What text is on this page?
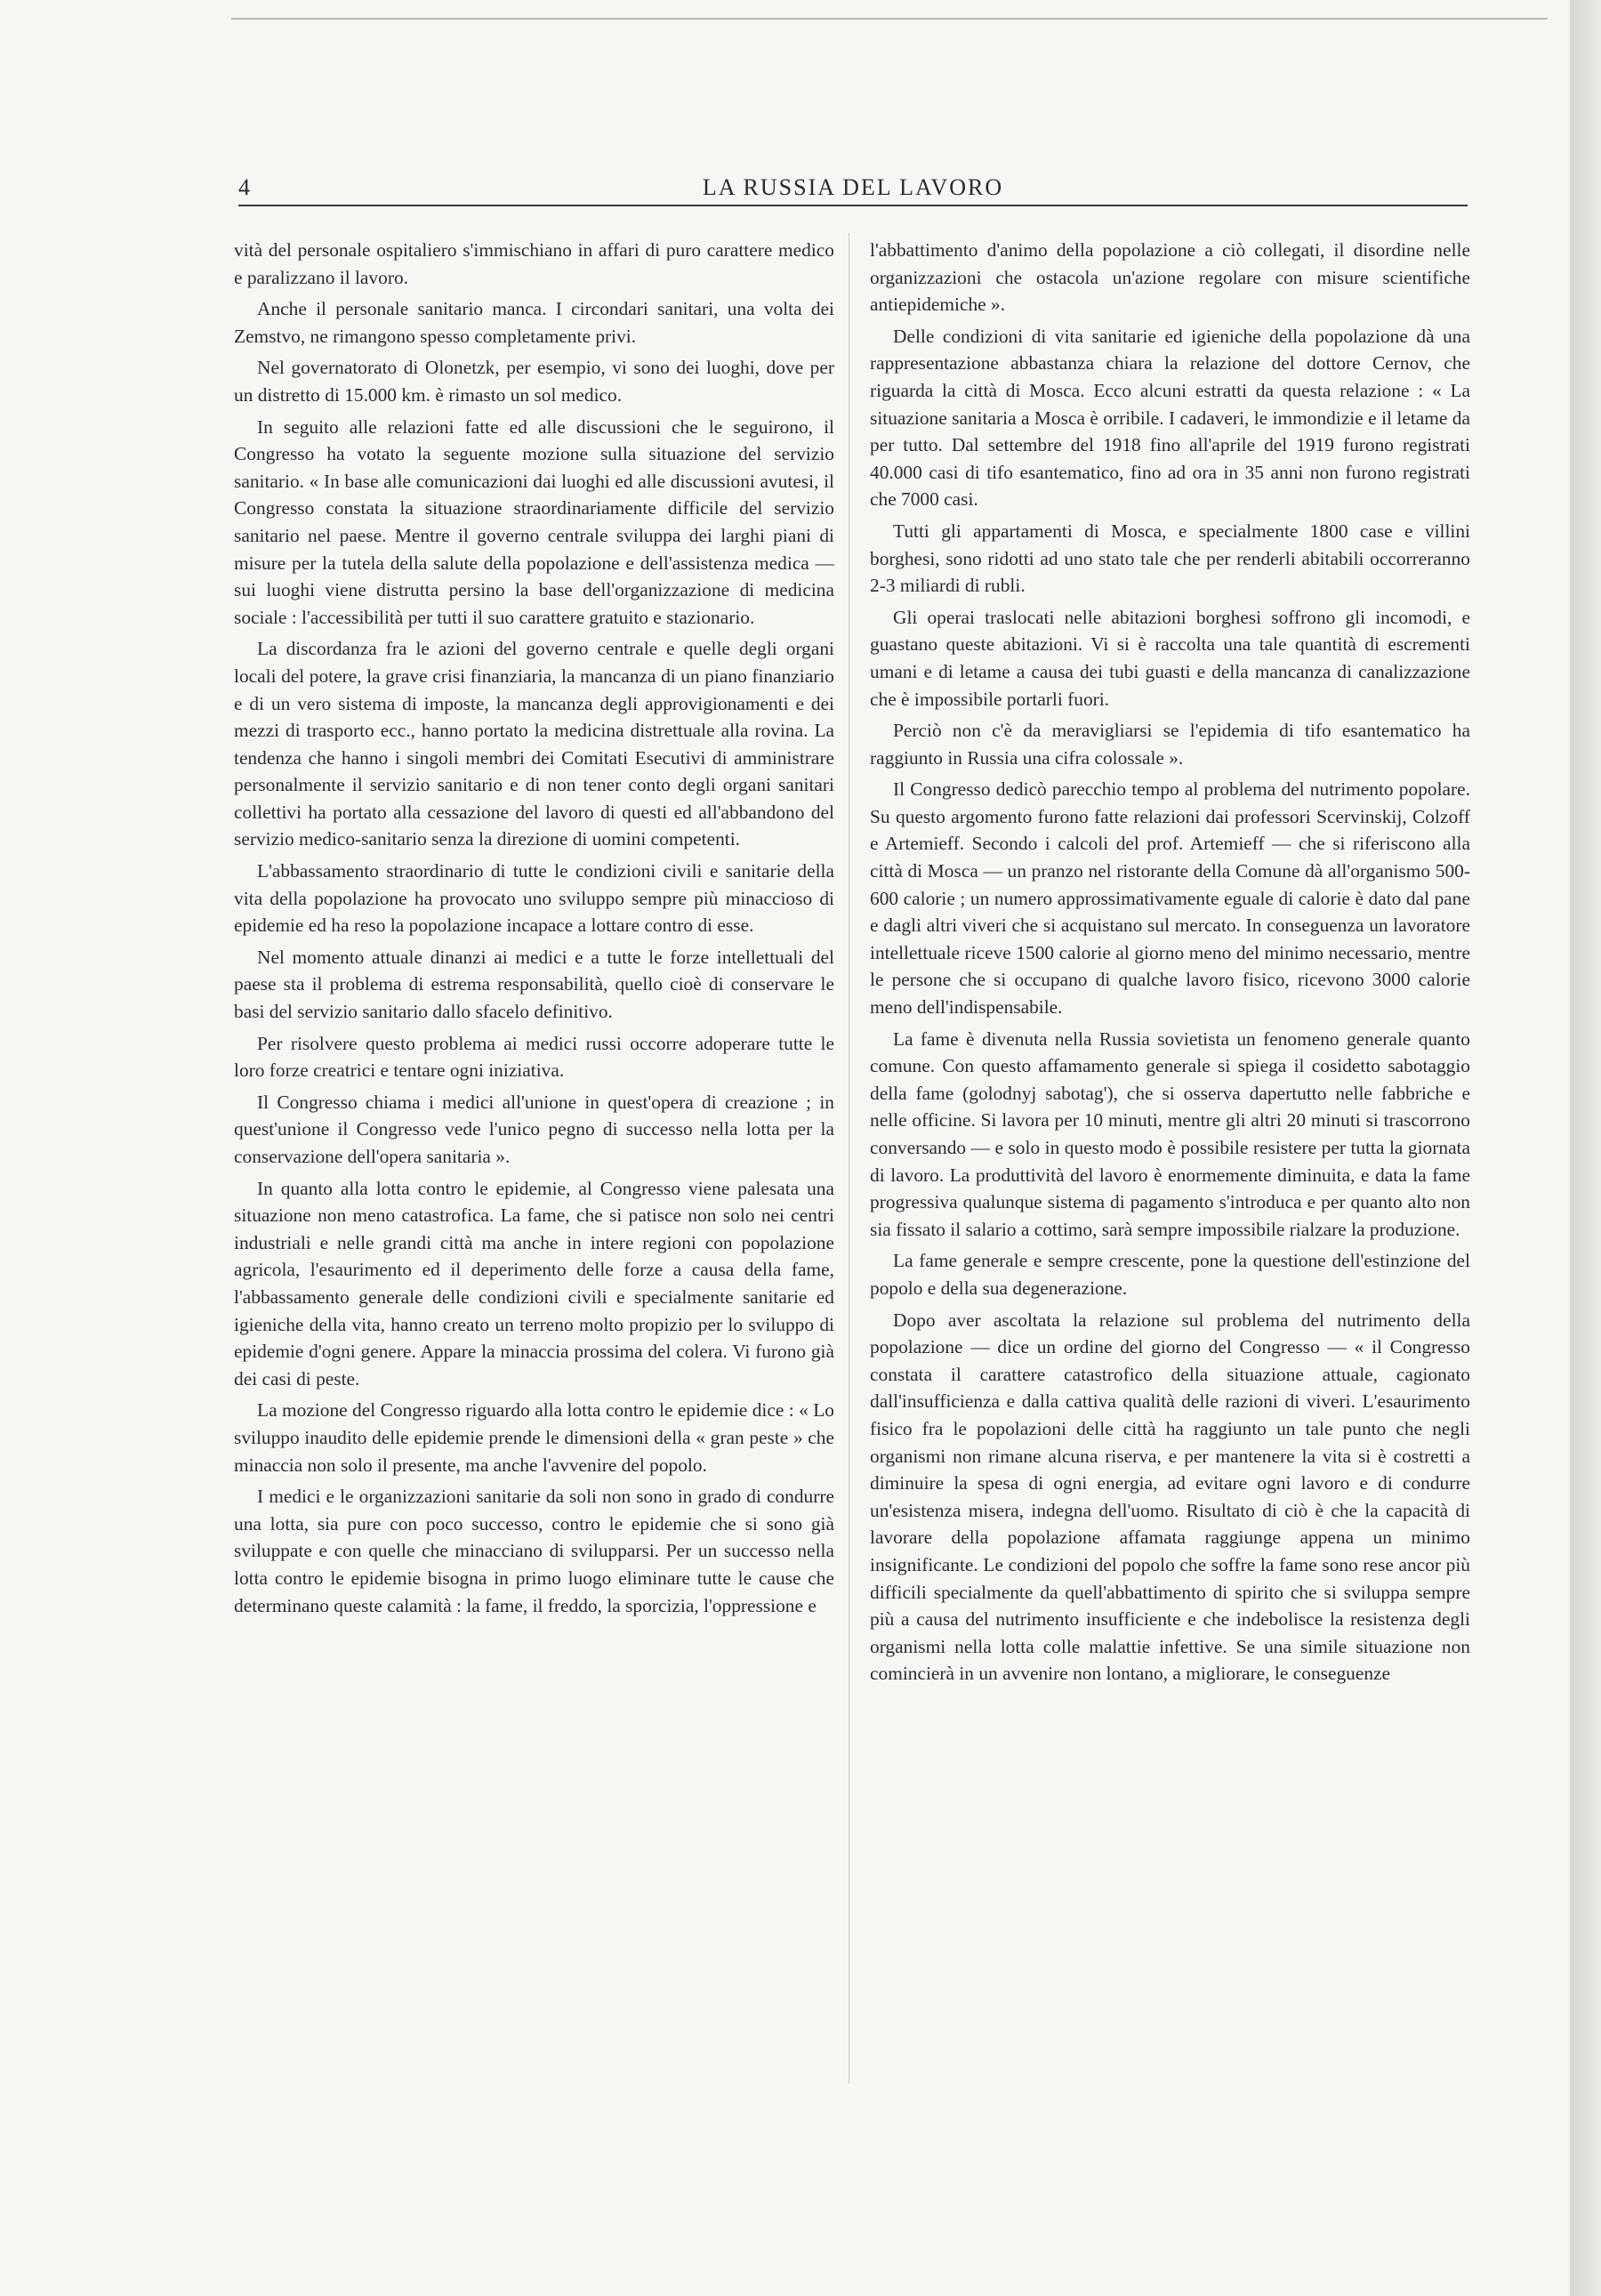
4	LA RUSSIA DEL LAVORO

vità del personale ospitaliero s'immischiano in affari di puro carattere medico e paralizzano il lavoro.

Anche il personale sanitario manca. I circondari sanitari, una volta dei Zemstvo, ne rimangono spesso completamente privi.

Nel governatorato di Olonetzk, per esempio, vi sono dei luoghi, dove per un distretto di 15.000 km. è rimasto un sol medico.

In seguito alle relazioni fatte ed alle discussioni che le seguirono, il Congresso ha votato la seguente mozione sulla situazione del servizio sanitario. « In base alle comunicazioni dai luoghi ed alle discussioni avutesi, il Congresso constata la situazione straordinariamente difficile del servizio sanitario nel paese. Mentre il governo centrale sviluppa dei larghi piani di misure per la tutela della salute della popolazione e dell'assistenza medica — sui luoghi viene distrutta persino la base dell'organizzazione di medicina sociale : l'accessibilità per tutti il suo carattere gratuito e stazionario.

La discordanza fra le azioni del governo centrale e quelle degli organi locali del potere, la grave crisi finanziaria, la mancanza di un piano finanziario e di un vero sistema di imposte, la mancanza degli approvigionamenti e dei mezzi di trasporto ecc., hanno portato la medicina distrettuale alla rovina. La tendenza che hanno i singoli membri dei Comitati Esecutivi di amministrare personalmente il servizio sanitario e di non tener conto degli organi sanitari collettivi ha portato alla cessazione del lavoro di questi ed all'abbandono del servizio medico-sanitario senza la direzione di uomini competenti.

L'abbassamento straordinario di tutte le condizioni civili e sanitarie della vita della popolazione ha provocato uno sviluppo sempre più minaccioso di epidemie ed ha reso la popolazione incapace a lottare contro di esse.

Nel momento attuale dinanzi ai medici e a tutte le forze intellettuali del paese sta il problema di estrema responsabilità, quello cioè di conservare le basi del servizio sanitario dallo sfacelo definitivo.

Per risolvere questo problema ai medici russi occorre adoperare tutte le loro forze creatrici e tentare ogni iniziativa.

Il Congresso chiama i medici all'unione in quest'opera di creazione ; in quest'unione il Congresso vede l'unico pegno di successo nella lotta per la conservazione dell'opera sanitaria ».

In quanto alla lotta contro le epidemie, al Congresso viene palesata una situazione non meno catastrofica. La fame, che si patisce non solo nei centri industriali e nelle grandi città ma anche in intere regioni con popolazione agricola, l'esaurimento ed il deperimento delle forze a causa della fame, l'abbassamento generale delle condizioni civili e specialmente sanitarie ed igieniche della vita, hanno creato un terreno molto propizio per lo sviluppo di epidemie d'ogni genere. Appare la minaccia prossima del colera. Vi furono già dei casi di peste.

La mozione del Congresso riguardo alla lotta contro le epidemie dice : « Lo sviluppo inaudito delle epidemie prende le dimensioni della « gran peste » che minaccia non solo il presente, ma anche l'avvenire del popolo.

I medici e le organizzazioni sanitarie da soli non sono in grado di condurre una lotta, sia pure con poco successo, contro le epidemie che si sono già sviluppate e con quelle che minacciano di svilupparsi. Per un successo nella lotta contro le epidemie bisogna in primo luogo eliminare tutte le cause che determinano queste calamità : la fame, il freddo, la sporcizia, l'oppressione e

l'abbattimento d'animo della popolazione a ciò collegati, il disordine nelle organizzazioni che ostacola un'azione regolare con misure scientifiche antiepidemiche ».

Delle condizioni di vita sanitarie ed igieniche della popolazione dà una rappresentazione abbastanza chiara la relazione del dottore Cernov, che riguarda la città di Mosca. Ecco alcuni estratti da questa relazione : « La situazione sanitaria a Mosca è orribile. I cadaveri, le immondizie e il letame da per tutto. Dal settembre del 1918 fino all'aprile del 1919 furono registrati 40.000 casi di tifo esantematico, fino ad ora in 35 anni non furono registrati che 7000 casi.

Tutti gli appartamenti di Mosca, e specialmente 1800 case e villini borghesi, sono ridotti ad uno stato tale che per renderli abitabili occorreranno 2-3 miliardi di rubli.

Gli operai traslocati nelle abitazioni borghesi soffrono gli incomodi, e guastano queste abitazioni. Vi si è raccolta una tale quantità di escrementi umani e di letame a causa dei tubi guasti e della mancanza di canalizzazione che è impossibile portarli fuori.

Perciò non c'è da meravigliarsi se l'epidemia di tifo esantematico ha raggiunto in Russia una cifra colossale ».

Il Congresso dedicò parecchio tempo al problema del nutrimento popolare. Su questo argomento furono fatte relazioni dai professori Scervinskij, Colzoff e Artemieff. Secondo i calcoli del prof. Artemieff — che si riferiscono alla città di Mosca — un pranzo nel ristorante della Comune dà all'organismo 500-600 calorie ; un numero approssimativamente eguale di calorie è dato dal pane e dagli altri viveri che si acquistano sul mercato. In conseguenza un lavoratore intellettuale riceve 1500 calorie al giorno meno del minimo necessario, mentre le persone che si occupano di qualche lavoro fisico, ricevono 3000 calorie meno dell'indispensabile.

La fame è divenuta nella Russia sovietista un fenomeno generale quanto comune. Con questo affamamento generale si spiega il cosidetto sabotaggio della fame (golodnyj sabotag'), che si osserva dapertutto nelle fabbriche e nelle officine. Si lavora per 10 minuti, mentre gli altri 20 minuti si trascorrono conversando — e solo in questo modo è possibile resistere per tutta la giornata di lavoro. La produttività del lavoro è enormemente diminuita, e data la fame progressiva qualunque sistema di pagamento s'introduca e per quanto alto non sia fissato il salario a cottimo, sarà sempre impossibile rialzare la produzione.

La fame generale e sempre crescente, pone la questione dell'estinzione del popolo e della sua degenerazione.

Dopo aver ascoltata la relazione sul problema del nutrimento della popolazione — dice un ordine del giorno del Congresso — « il Congresso constata il carattere catastrofico della situazione attuale, cagionato dall'insufficienza e dalla cattiva qualità delle razioni di viveri. L'esaurimento fisico fra le popolazioni delle città ha raggiunto un tale punto che negli organismi non rimane alcuna riserva, e per mantenere la vita si è costretti a diminuire la spesa di ogni energia, ad evitare ogni lavoro e di condurre un'esistenza misera, indegna dell'uomo. Risultato di ciò è che la capacità di lavorare della popolazione affamata raggiunge appena un minimo insignificante. Le condizioni del popolo che soffre la fame sono rese ancor più difficili specialmente da quell'abbattimento di spirito che si sviluppa sempre più a causa del nutrimento insufficiente e che indebolisce la resistenza degli organismi nella lotta colle malattie infettive. Se una simile situazione non comincierà in un avvenire non lontano, a migliorare, le conseguenze
